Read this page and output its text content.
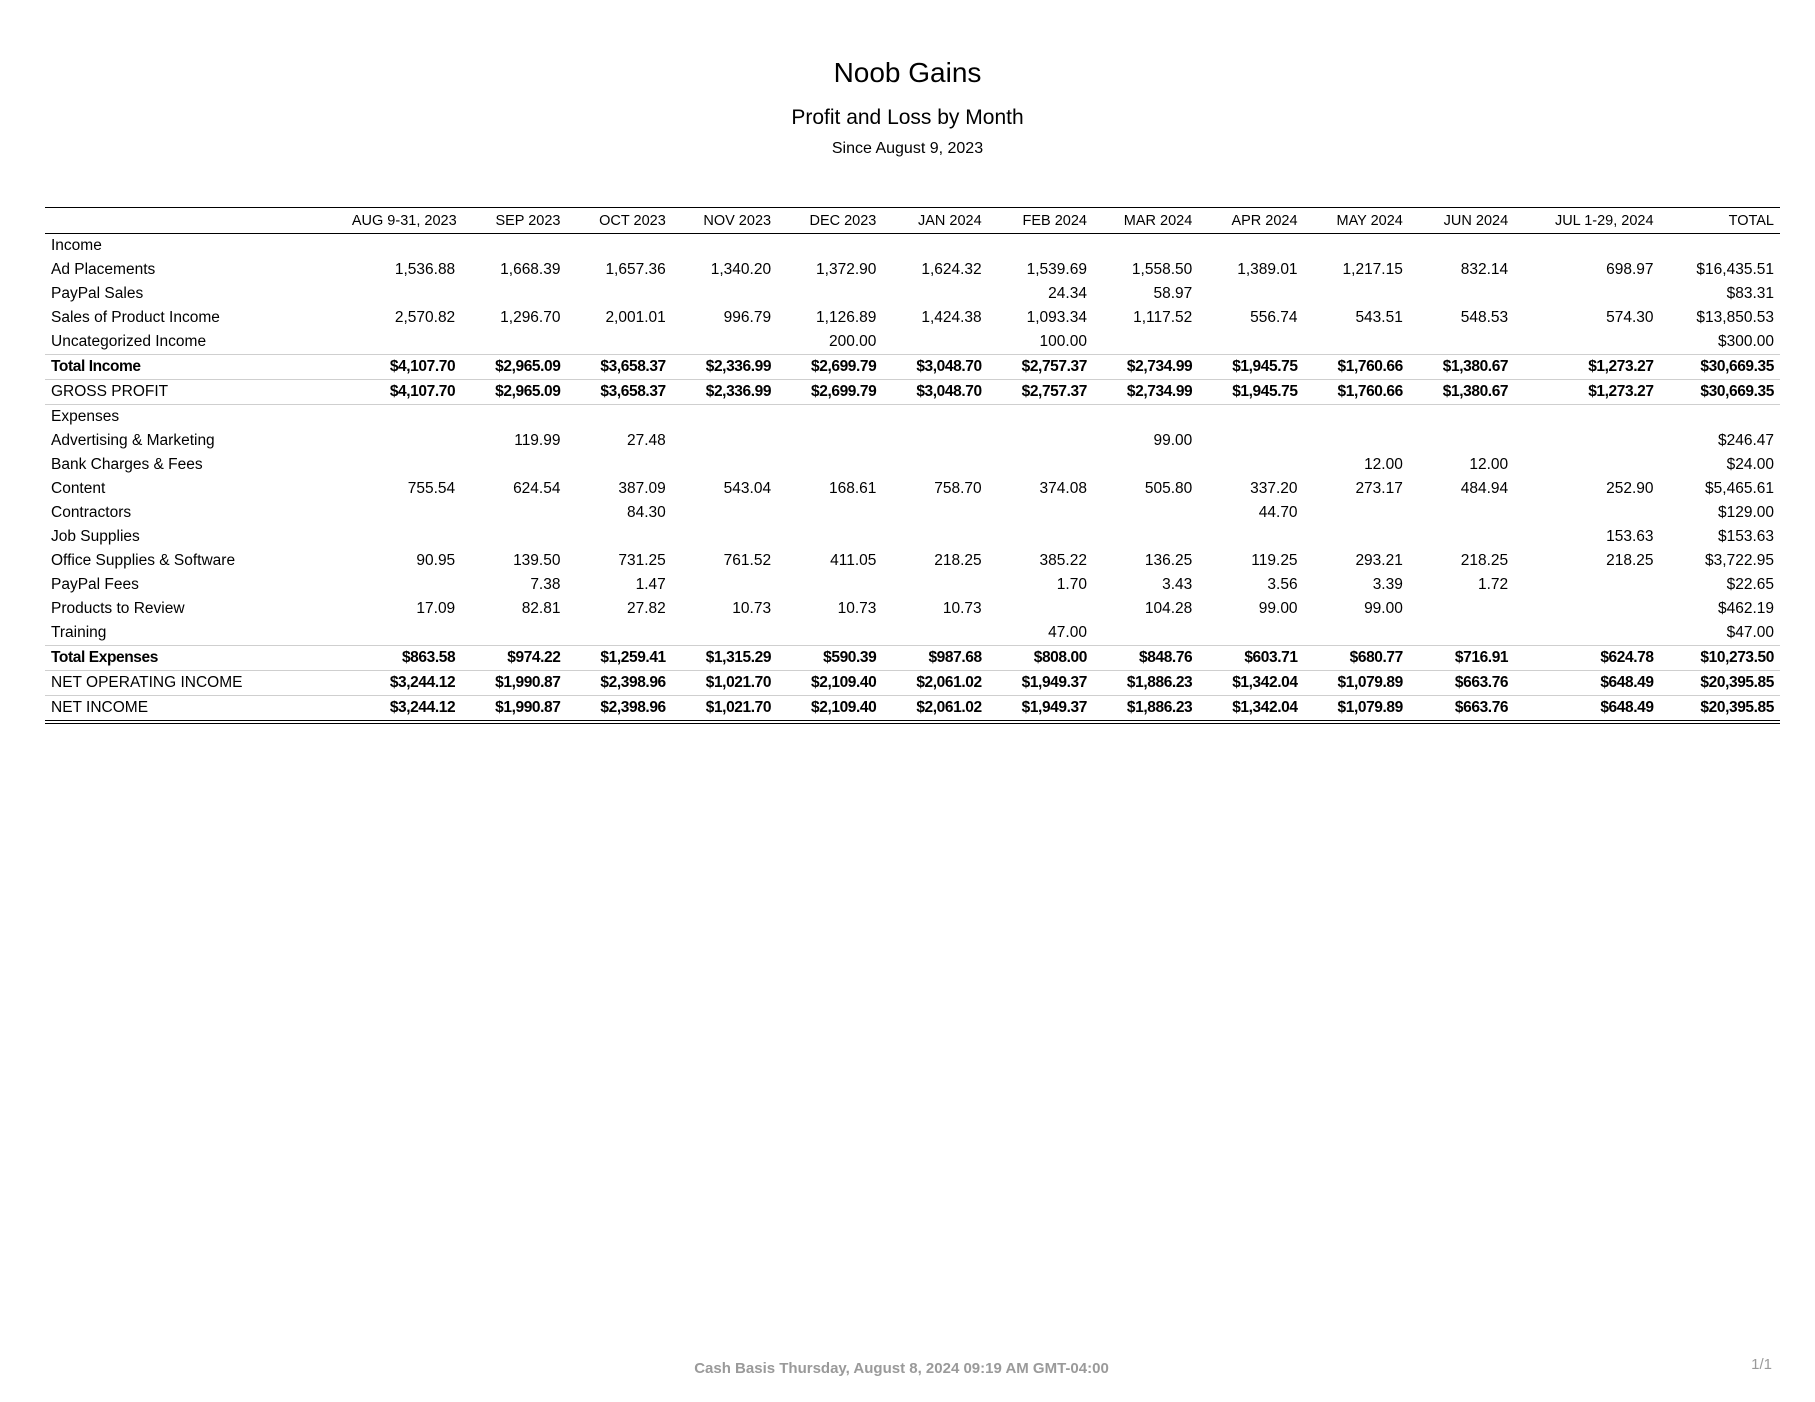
Noob Gains
Profit and Loss by Month
Since August 9, 2023
	AUG 9-31, 2023	SEP 2023	OCT 2023	NOV 2023	DEC 2023	JAN 2024	FEB 2024	MAR 2024	APR 2024	MAY 2024	JUN 2024	JUL 1-29, 2024	TOTAL
Income													
Ad Placements	1,536.88	1,668.39	1,657.36	1,340.20	1,372.90	1,624.32	1,539.69	1,558.50	1,389.01	1,217.15	832.14	698.97	$16,435.51
PayPal Sales							24.34	58.97					$83.31
Sales of Product Income	2,570.82	1,296.70	2,001.01	996.79	1,126.89	1,424.38	1,093.34	1,117.52	556.74	543.51	548.53	574.30	$13,850.53
Uncategorized Income					200.00		100.00						$300.00
Total Income	$4,107.70	$2,965.09	$3,658.37	$2,336.99	$2,699.79	$3,048.70	$2,757.37	$2,734.99	$1,945.75	$1,760.66	$1,380.67	$1,273.27	$30,669.35
GROSS PROFIT	$4,107.70	$2,965.09	$3,658.37	$2,336.99	$2,699.79	$3,048.70	$2,757.37	$2,734.99	$1,945.75	$1,760.66	$1,380.67	$1,273.27	$30,669.35
Expenses													
Advertising & Marketing		119.99	27.48					99.00					$246.47
Bank Charges & Fees										12.00	12.00		$24.00
Content	755.54	624.54	387.09	543.04	168.61	758.70	374.08	505.80	337.20	273.17	484.94	252.90	$5,465.61
Contractors			84.30						44.70				$129.00
Job Supplies												153.63	$153.63
Office Supplies & Software	90.95	139.50	731.25	761.52	411.05	218.25	385.22	136.25	119.25	293.21	218.25	218.25	$3,722.95
PayPal Fees		7.38	1.47				1.70	3.43	3.56	3.39	1.72		$22.65
Products to Review	17.09	82.81	27.82	10.73	10.73	10.73		104.28	99.00	99.00			$462.19
Training							47.00						$47.00
Total Expenses	$863.58	$974.22	$1,259.41	$1,315.29	$590.39	$987.68	$808.00	$848.76	$603.71	$680.77	$716.91	$624.78	$10,273.50
NET OPERATING INCOME	$3,244.12	$1,990.87	$2,398.96	$1,021.70	$2,109.40	$2,061.02	$1,949.37	$1,886.23	$1,342.04	$1,079.89	$663.76	$648.49	$20,395.85
NET INCOME	$3,244.12	$1,990.87	$2,398.96	$1,021.70	$2,109.40	$2,061.02	$1,949.37	$1,886.23	$1,342.04	$1,079.89	$663.76	$648.49	$20,395.85
Cash Basis Thursday, August 8, 2024 09:19 AM GMT-04:00	1/1
